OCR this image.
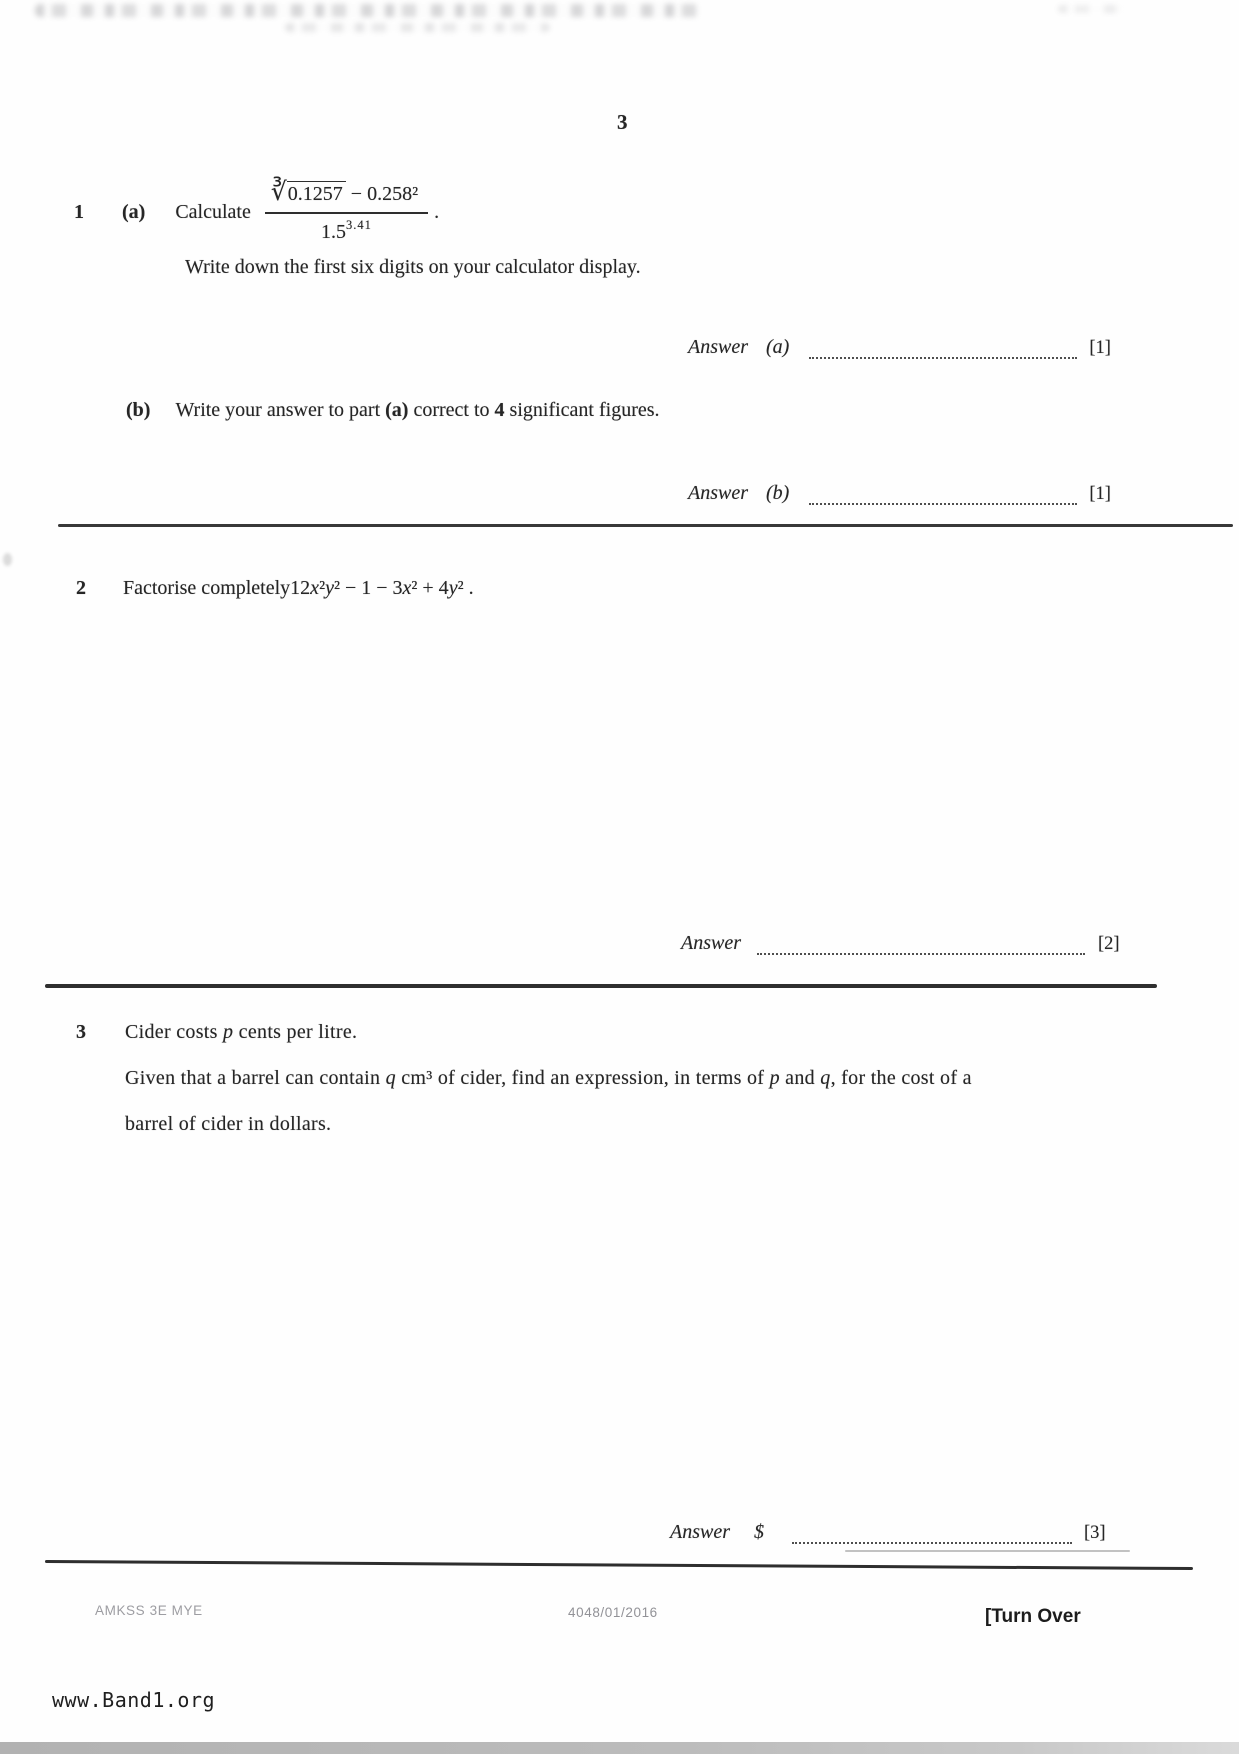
3
1 (a) Calculate $\frac{\text{∛0.1257 − 0.258²}}{1.5^{3.41}}$ .
Write down the first six digits on your calculator display.
Answer (a)	[1]
(b) Write your answer to part (a) correct to 4 significant figures.
Answer (b)	[1]
2 Factorise completely 12x²y² − 1 − 3x² + 4y² .
Answer	[2]
3 Cider costs p cents per litre.
Given that a barrel can contain q cm³ of cider, find an expression, in terms of p and q, for the cost of a
barrel of cider in dollars.
Answer $	[3]
AMKSS 3E MYE	4048/01/2016	[Turn Over
www.Band1.org
